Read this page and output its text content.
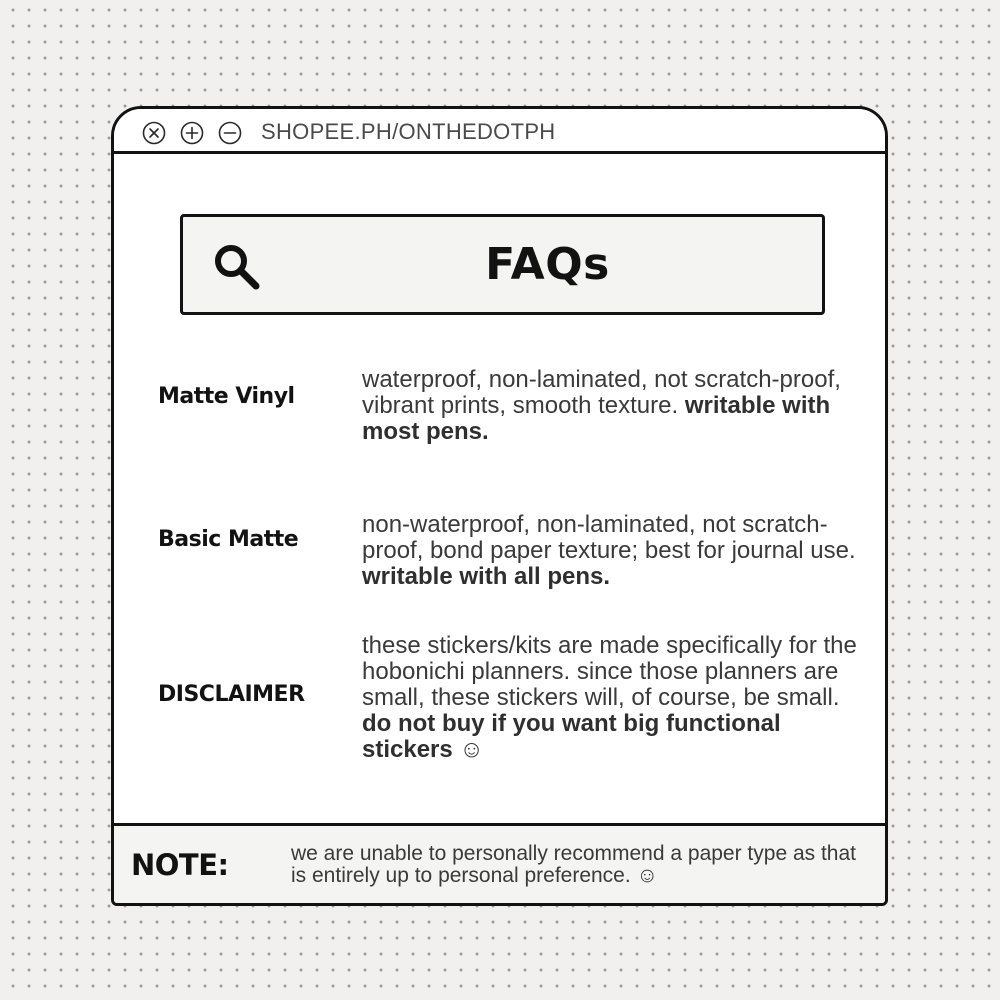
SHOPEE.PH/ONTHEDOTPH
FAQs
Matte Vinyl
waterproof, non-laminated, not scratch-proof, vibrant prints, smooth texture. writable with most pens.
Basic Matte
non-waterproof, non-laminated, not scratch-proof, bond paper texture; best for journal use. writable with all pens.
DISCLAIMER
these stickers/kits are made specifically for the hobonichi planners. since those planners are small, these stickers will, of course, be small. do not buy if you want big functional stickers ☺
NOTE:	we are unable to personally recommend a paper type as that is entirely up to personal preference. ☺
